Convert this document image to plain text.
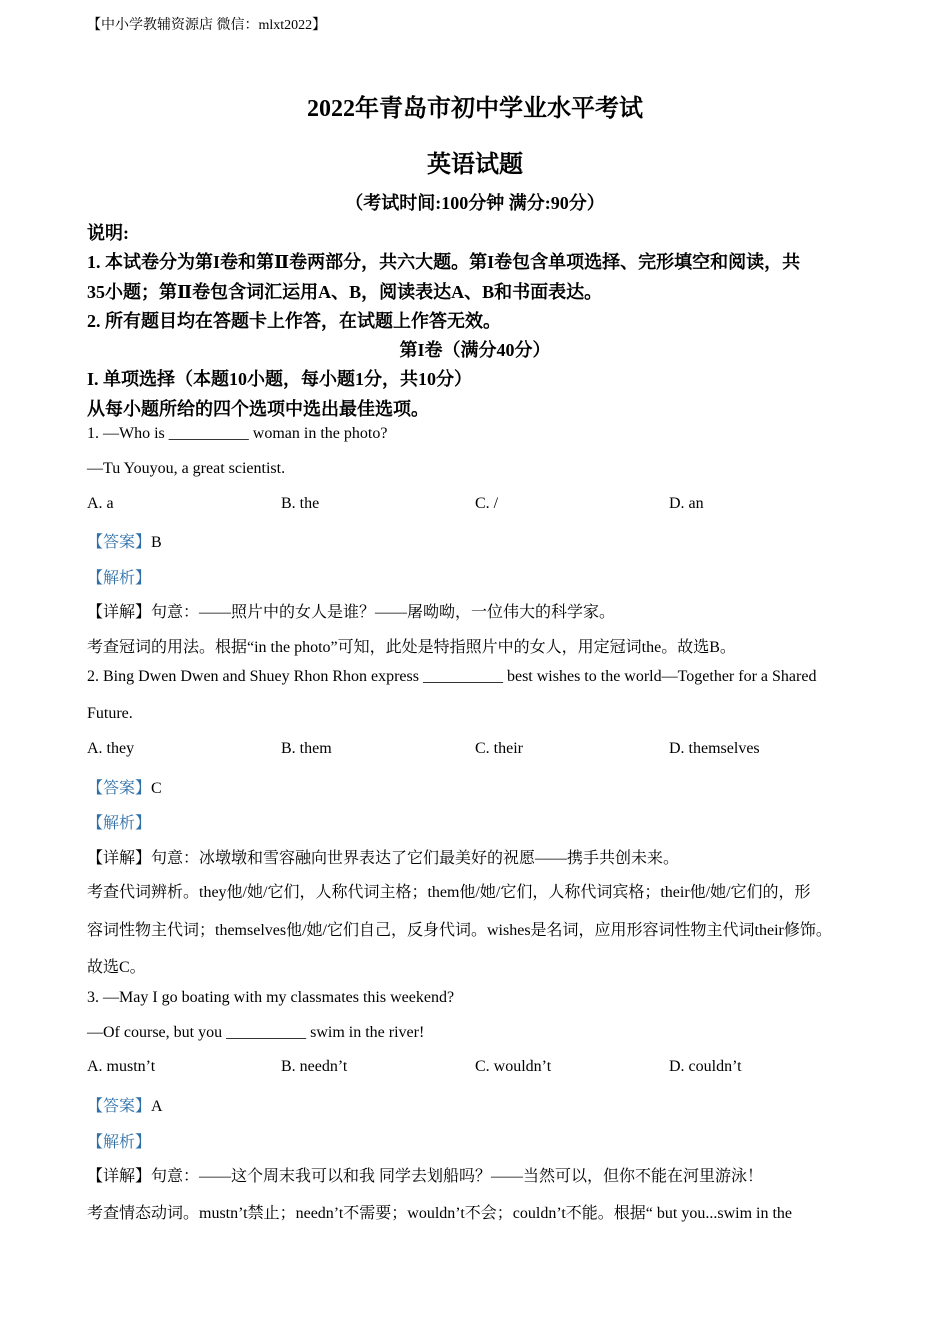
【中小学教辅资源店 微信：mlxt2022】
2022年青岛市初中学业水平考试
英语试题
（考试时间:100分钟 满分:90分）
说明:
1. 本试卷分为第I卷和第Ⅱ卷两部分，共六大题。第I卷包含单项选择、完形填空和阅读，共
35小题；第Ⅱ卷包含词汇运用A、B，阅读表达A、B和书面表达。
2. 所有题目均在答题卡上作答，在试题上作答无效。
第I卷（满分40分）
I. 单项选择（本题10小题，每小题1分，共10分）
从每小题所给的四个选项中选出最佳选项。
1. —Who is __________ woman in the photo?
—Tu Youyou, a great scientist.
A. a	B. the	C. /	D. an
【答案】B
【解析】
【详解】句意：——照片中的女人是谁？——屠呦呦，一位伟大的科学家。
考查冠词的用法。根据“in the photo”可知，此处是特指照片中的女人，用定冠词the。故选B。
2. Bing Dwen Dwen and Shuey Rhon Rhon express __________ best wishes to the world—Together for a Shared
Future.
A. they	B. them	C. their	D. themselves
【答案】C
【解析】
【详解】句意：冰墩墩和雪容融向世界表达了它们最美好的祝愿——携手共创未来。
考查代词辨析。they他/她/它们，人称代词主格；them他/她/它们，人称代词宾格；their他/她/它们的，形
容词性物主代词；themselves他/她/它们自己，反身代词。wishes是名词，应用形容词性物主代词their修饰。
故选C。
3. —May I go boating with my classmates this weekend?
—Of course, but you __________ swim in the river!
A. mustn’t	B. needn’t	C. wouldn’t	D. couldn’t
【答案】A
【解析】
【详解】句意：——这个周末我可以和我 同学去划船吗？——当然可以，但你不能在河里游泳！
考查情态动词。mustn’t禁止；needn’t不需要；wouldn’t不会；couldn’t不能。根据“ but you...swim in the
